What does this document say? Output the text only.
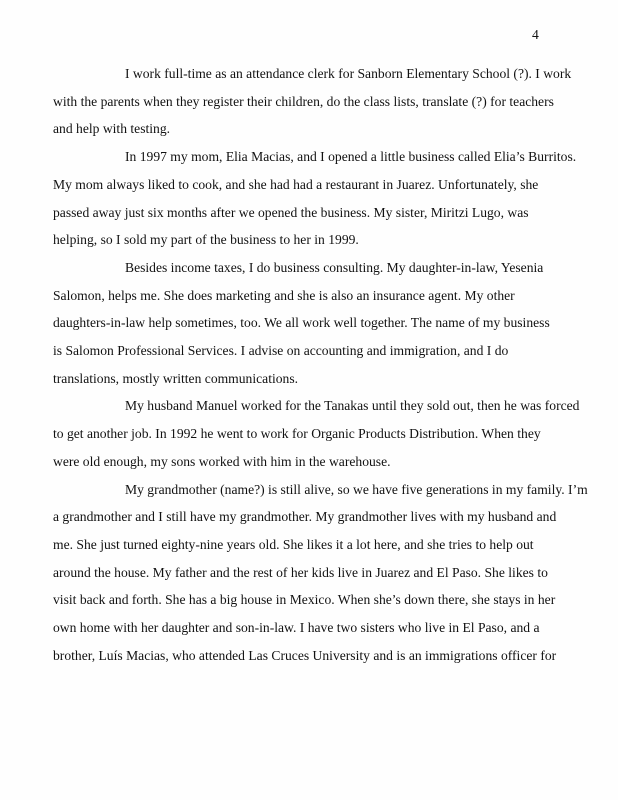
4

I work full-time as an attendance clerk for Sanborn Elementary School (?). I work
with the parents when they register their children, do the class lists, translate (?) for teachers
and help with testing.

In 1997 my mom, Elia Macias, and I opened a little business called Elia’s Burritos.
My mom always liked to cook, and she had had a restaurant in Juarez. Unfortunately, she
passed away just six months after we opened the business. My sister, Miritzi Lugo, was
helping, so I sold my part of the business to her in 1999.

Besides income taxes, I do business consulting. My daughter-in-law, Yesenia
Salomon, helps me. She does marketing and she is also an insurance agent. My other
daughters-in-law help sometimes, too. We all work well together. The name of my business
is Salomon Professional Services. I advise on accounting and immigration, and I do
translations, mostly written communications.

My husband Manuel worked for the Tanakas until they sold out, then he was forced
to get another job. In 1992 he went to work for Organic Products Distribution. When they
were old enough, my sons worked with him in the warehouse.

My grandmother (name?) is still alive, so we have five generations in my family. I’m
a grandmother and I still have my grandmother. My grandmother lives with my husband and
me. She just turned eighty-nine years old. She likes it a lot here, and she tries to help out
around the house. My father and the rest of her kids live in Juarez and El Paso. She likes to
visit back and forth. She has a big house in Mexico. When she’s down there, she stays in her
own home with her daughter and son-in-law. I have two sisters who live in El Paso, and a
brother, Luís Macias, who attended Las Cruces University and is an immigrations officer for
